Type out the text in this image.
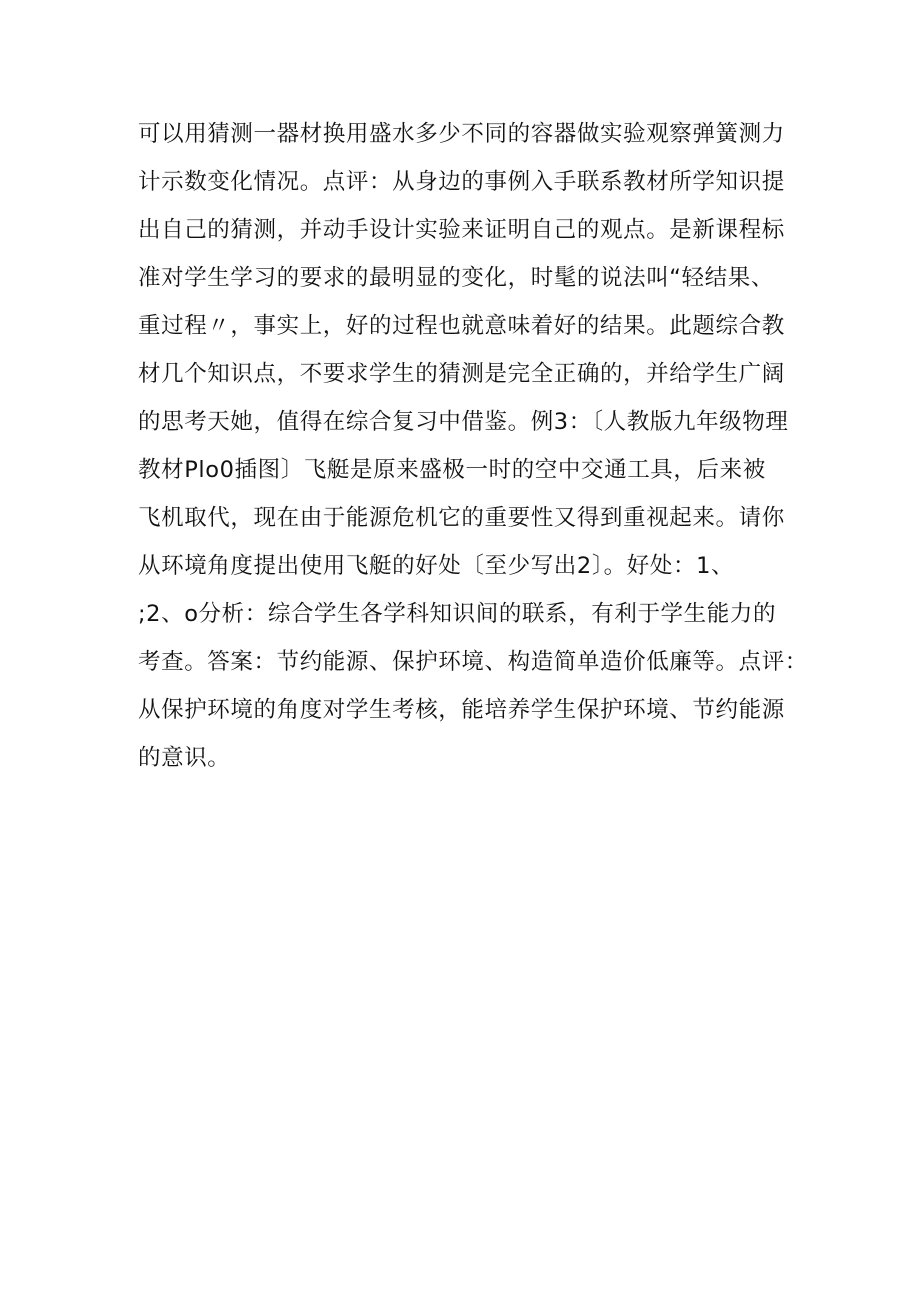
可以用猜测一器材换用盛水多少不同的容器做实验观察弹簧测力
计示数变化情况。点评：从身边的事例入手联系教材所学知识提
出自己的猜测，并动手设计实验来证明自己的观点。是新课程标
准对学生学习的要求的最明显的变化，时髦的说法叫“轻结果、
重过程〃，事实上，好的过程也就意味着好的结果。此题综合教
材几个知识点，不要求学生的猜测是完全正确的，并给学生广阔
的思考天她，值得在综合复习中借鉴。例3：〔人教版九年级物理
教材Plo0插图〕飞艇是原来盛极一时的空中交通工具，后来被
飞机取代，现在由于能源危机它的重要性又得到重视起来。请你
从环境角度提出使用飞艇的好处〔至少写出2〕。好处：1、
;2、o分析：综合学生各学科知识间的联系，有利于学生能力的
考查。答案：节约能源、保护环境、构造简单造价低廉等。点评：
从保护环境的角度对学生考核，能培养学生保护环境、节约能源
的意识。
